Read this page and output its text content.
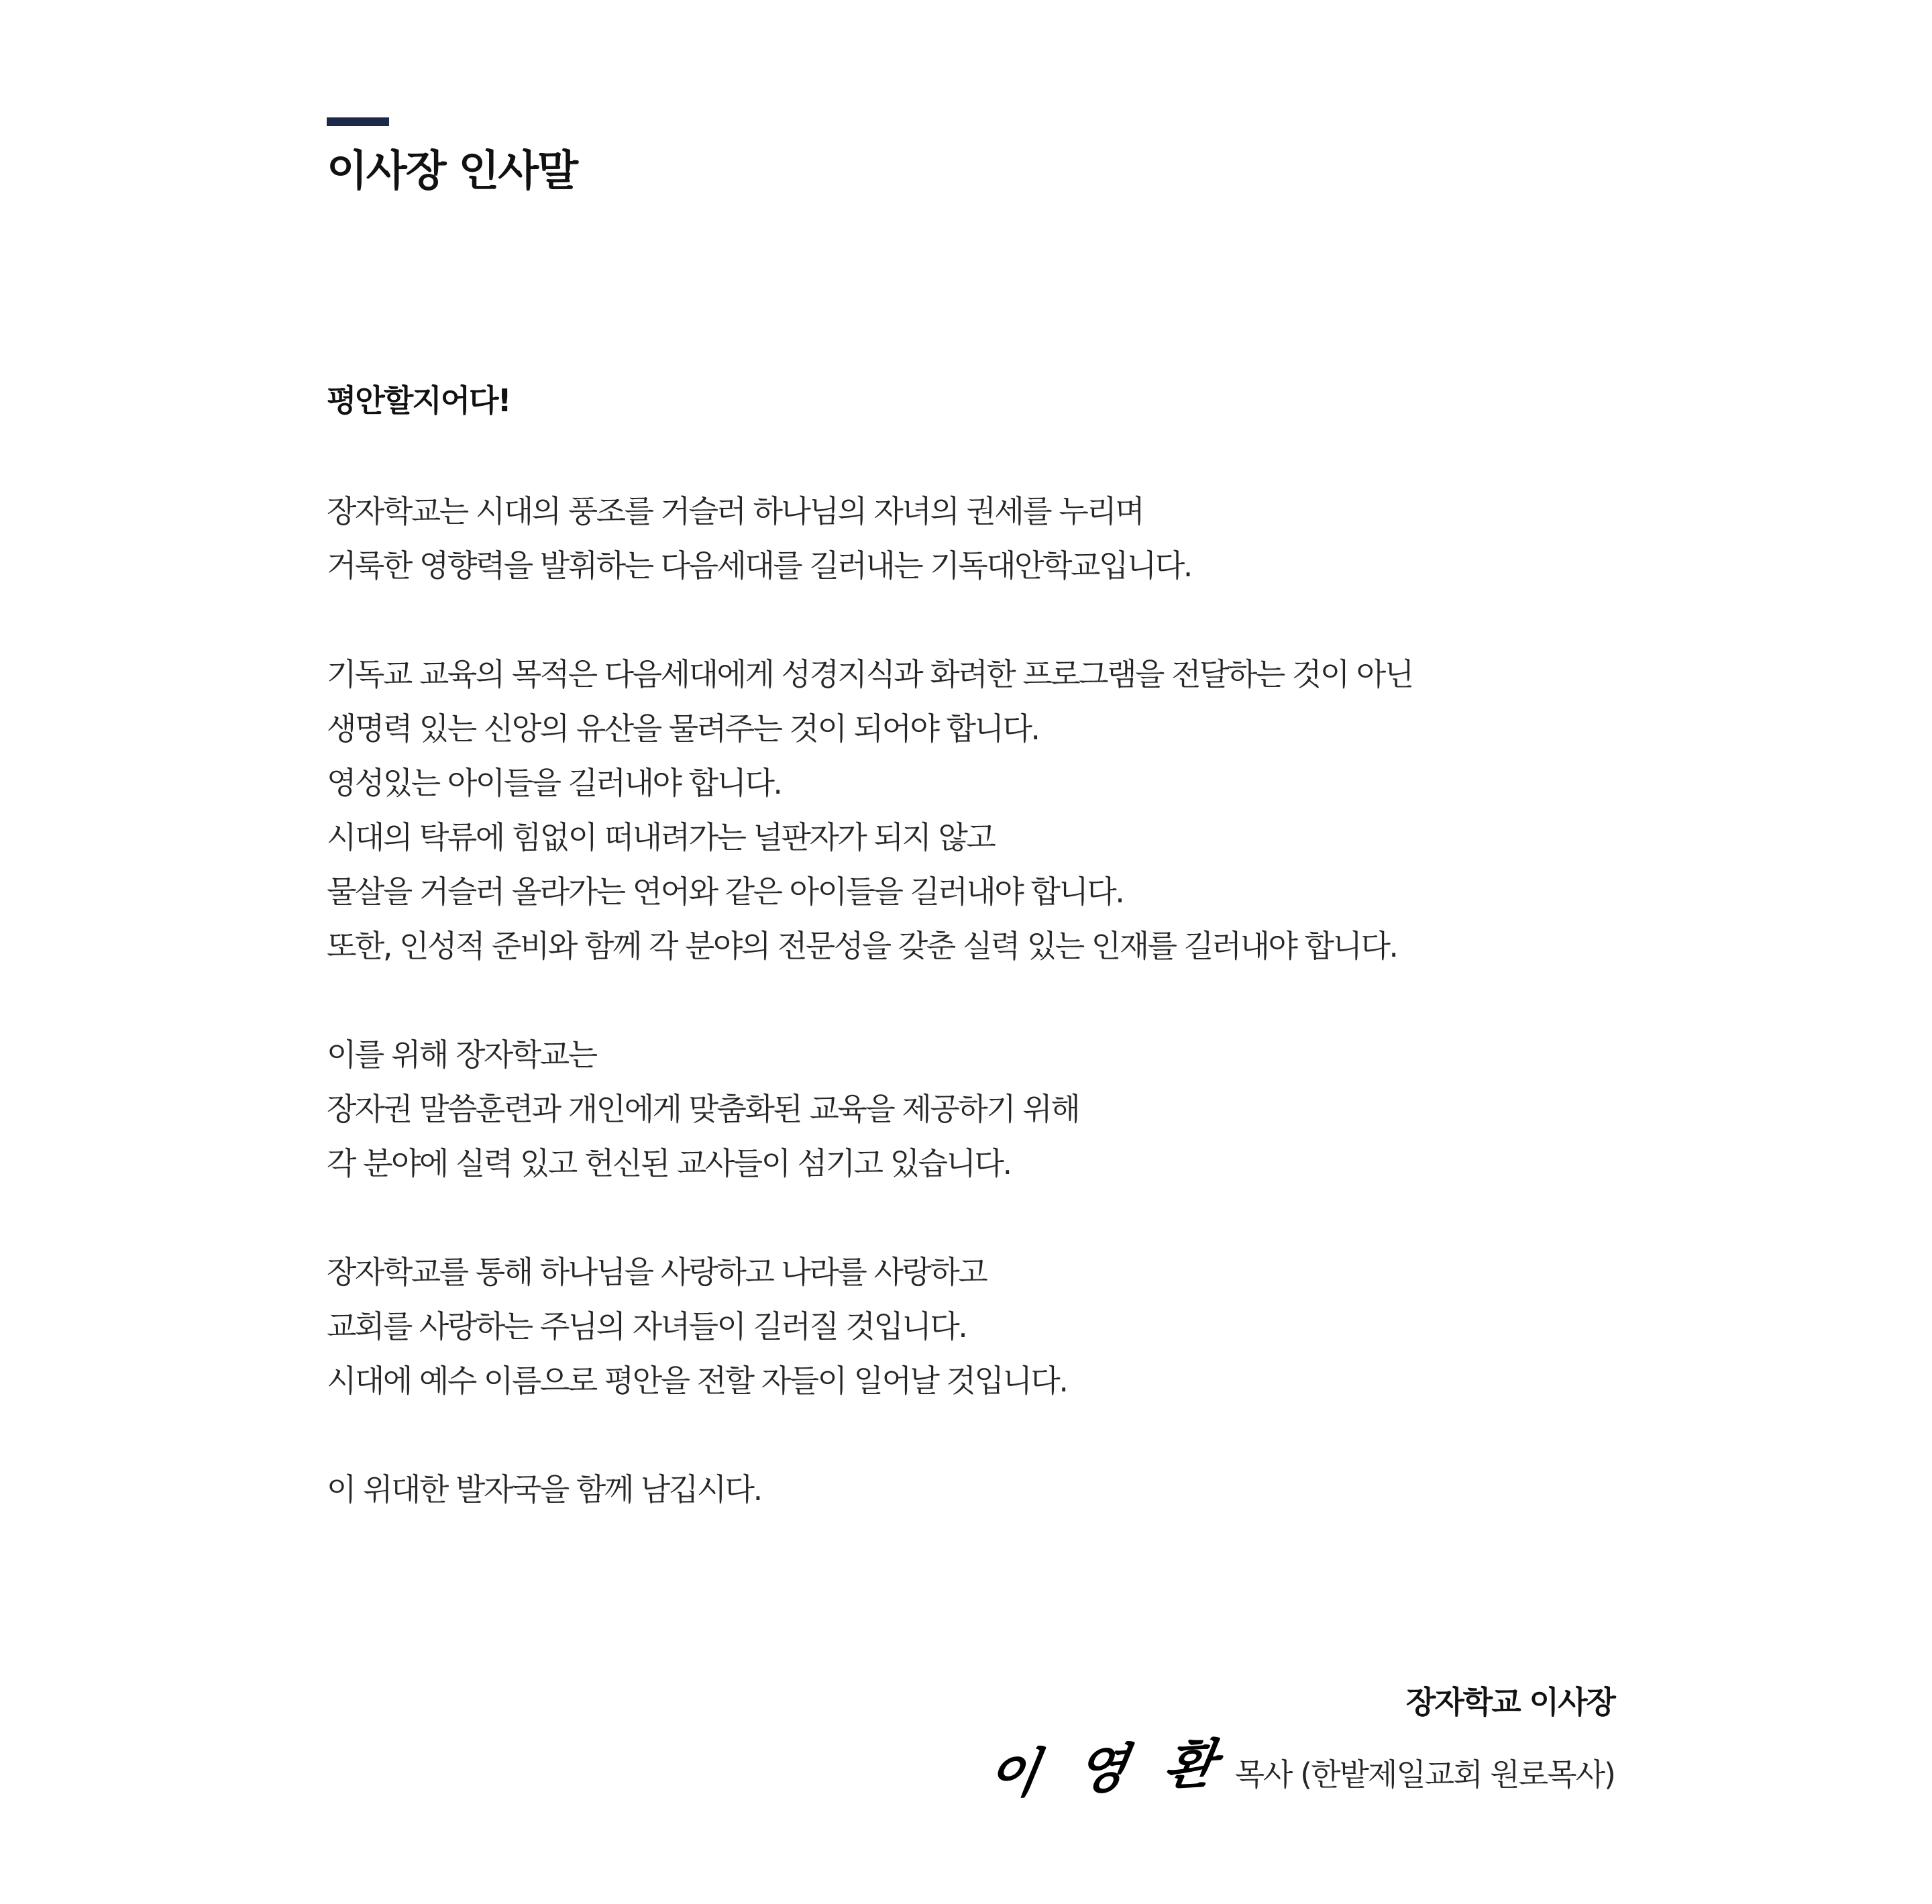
이사장 인사말
평안할지어다!
장자학교는 시대의 풍조를 거슬러 하나님의 자녀의 권세를 누리며
거룩한 영향력을 발휘하는 다음세대를 길러내는 기독대안학교입니다.
기독교 교육의 목적은 다음세대에게 성경지식과 화려한 프로그램을 전달하는 것이 아닌
생명력 있는 신앙의 유산을 물려주는 것이 되어야 합니다.
영성있는 아이들을 길러내야 합니다.
시대의 탁류에 힘없이 떠내려가는 널판자가 되지 않고
물살을 거슬러 올라가는 연어와 같은 아이들을 길러내야 합니다.
또한, 인성적 준비와 함께 각 분야의 전문성을 갖춘 실력 있는 인재를 길러내야 합니다.
이를 위해 장자학교는
장자권 말씀훈련과 개인에게 맞춤화된 교육을 제공하기 위해
각 분야에 실력 있고 헌신된 교사들이 섬기고 있습니다.
장자학교를 통해 하나님을 사랑하고 나라를 사랑하고
교회를 사랑하는 주님의 자녀들이 길러질 것입니다.
시대에 예수 이름으로 평안을 전할 자들이 일어날 것입니다.
이 위대한 발자국을 함께 남깁시다.
장자학교 이사장
이 영 환 목사 (한밭제일교회 원로목사)
